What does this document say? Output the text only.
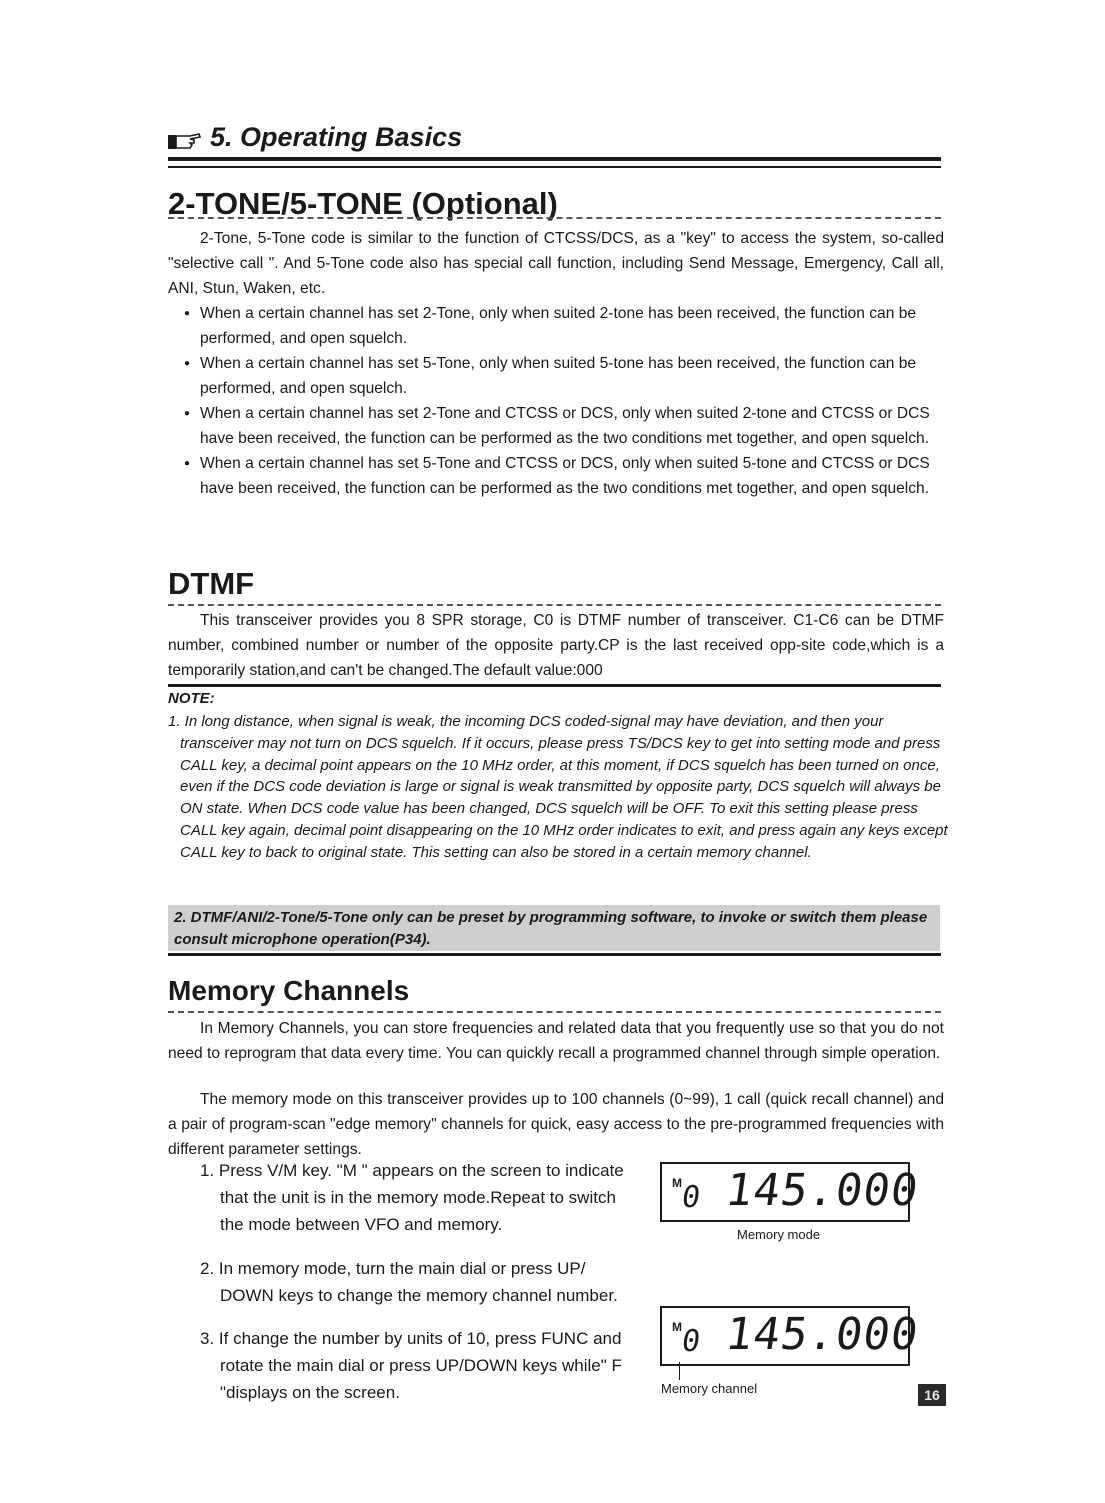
5. Operating Basics
2-TONE/5-TONE (Optional)
2-Tone, 5-Tone code is similar to the function of CTCSS/DCS, as a "key" to access the system, so-called "selective call ". And 5-Tone code also has special call function, including Send Message, Emergency, Call all, ANI, Stun, Waken, etc.
● When a certain channel has set 2-Tone, only when suited 2-tone has been received, the function can be performed, and open squelch.
● When a certain channel has set 5-Tone, only when suited 5-tone has been received, the function can be performed, and open squelch.
● When a certain channel has set 2-Tone and CTCSS or DCS, only when suited 2-tone and CTCSS or DCS have been received, the function can be performed as the two conditions met together, and open squelch.
● When a certain channel has set 5-Tone and CTCSS or DCS, only when suited 5-tone and CTCSS or DCS have been received, the function can be performed as the two conditions met together, and open squelch.
DTMF
This transceiver provides you 8 SPR storage, C0 is DTMF number of transceiver. C1-C6 can be DTMF number, combined number or number of the opposite party.CP is the last received opp-site code,which is a temporarily station,and can't be changed.The default value:000
NOTE:
1. In long distance, when signal is weak, the incoming DCS coded-signal may have deviation, and then your transceiver may not turn on DCS squelch. If it occurs, please press TS/DCS key to get into setting mode and press CALL key, a decimal point appears on the 10 MHz order, at this moment, if DCS squelch has been turned on once, even if the DCS code deviation is large or signal is weak transmitted by opposite party, DCS squelch will always be ON state. When DCS code value has been changed, DCS squelch will be OFF. To exit this setting please press CALL key again, decimal point disappearing on the 10 MHz order indicates to exit, and press again any keys except CALL key to back to original state. This setting can also be stored in a certain memory channel.
2. DTMF/ANI/2-Tone/5-Tone only can be preset by programming software, to invoke or switch them please consult microphone operation(P34).
Memory Channels
In Memory Channels, you can store frequencies and related data that you frequently use so that you do not need to reprogram that data every time. You can quickly recall a programmed channel through simple operation.
The memory mode on this transceiver provides up to 100 channels (0~99), 1 call (quick recall channel) and a pair of program-scan "edge memory" channels for quick, easy access to the pre-programmed frequencies with different parameter settings.
1. Press V/M key. "M " appears on the screen to indicate that the unit is in the memory mode.Repeat to switch the mode between VFO and memory.
2. In memory mode, turn the main dial or press UP/ DOWN keys to change the memory channel number.
3. If change the number by units of 10, press FUNC and rotate the main dial or press UP/DOWN keys while" F "displays on the screen.
M
0 145.000
Memory mode
M
0 145.000
Memory channel	16
